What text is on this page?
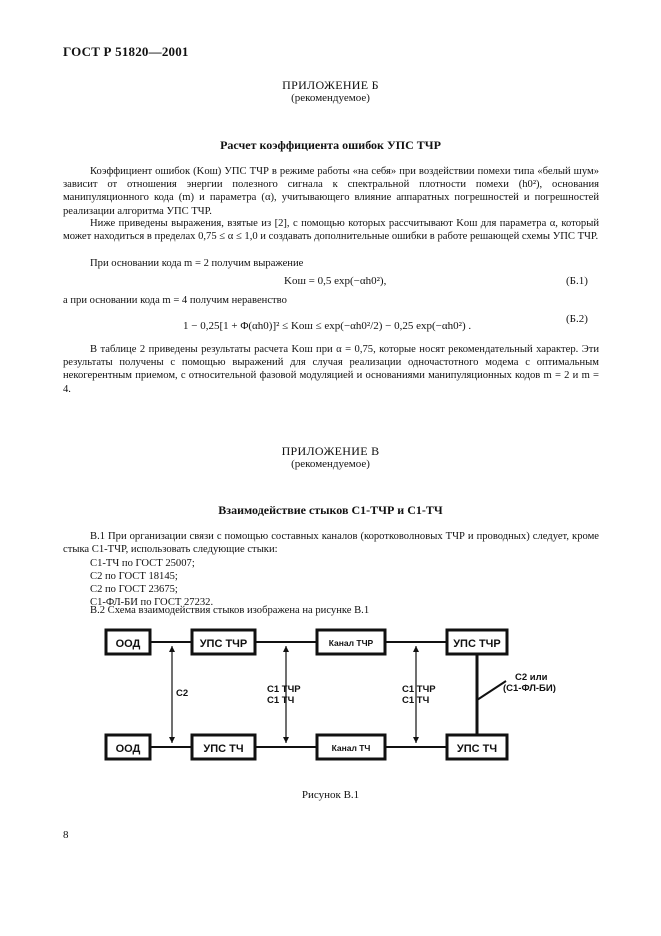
ГОСТ Р 51820—2001
ПРИЛОЖЕНИЕ Б
(рекомендуемое)
Расчет коэффициента ошибок УПС ТЧР
Коэффициент ошибок (Kош) УПС ТЧР в режиме работы «на себя» при воздействии помехи типа «белый шум» зависит от отношения энергии полезного сигнала к спектральной плотности помехи (h0²), основания манипуляционного кода (m) и параметра (α), учитывающего влияние аппаратных погрешностей и погрешностей реализации алгоритма УПС ТЧР.
Ниже приведены выражения, взятые из [2], с помощью которых рассчитывают Kош для параметра α, который может находиться в пределах 0,75 ≤ α ≤ 1,0 и создавать дополнительные ошибки в работе решающей схемы УПС ТЧР.
При основании кода m = 2 получим выражение
Kош = 0,5 exp(−αh0²),	(Б.1)
а при основании кода m = 4 получим неравенство
1 − 0,25[1 + Φ(αh0)]² ≤ Kош ≤ exp(−αh0²/2) − 0,25 exp(−αh0²) .
(Б.2)
В таблице 2 приведены результаты расчета Kош при α = 0,75, которые носят рекомендательный характер. Эти результаты получены с помощью выражений для случая реализации одночастотного модема с оптимальным некогерентным приемом, с относительной фазовой модуляцией и основаниями манипуляционных кодов m = 2 и m = 4.
ПРИЛОЖЕНИЕ В
(рекомендуемое)
Взаимодействие стыков С1-ТЧР и С1-ТЧ
В.1 При организации связи с помощью составных каналов (коротковолновых ТЧР и проводных) следует, кроме стыка С1-ТЧР, использовать следующие стыки:
С1-ТЧ по ГОСТ 25007;
С2 по ГОСТ 18145;
С2 по ГОСТ 23675;
С1-ФЛ-БИ по ГОСТ 27232.
В.2 Схема взаимодействия стыков изображена на рисунке В.1
ООД	УПС ТЧР	Канал ТЧР	УПС ТЧР
ООД	УПС ТЧ	Канал ТЧ	УПС ТЧ
С2	С1 ТЧР
С1 ТЧ
С1 ТЧР
С1 ТЧ
С2 или
(С1-ФЛ-БИ)
Рисунок В.1
8
